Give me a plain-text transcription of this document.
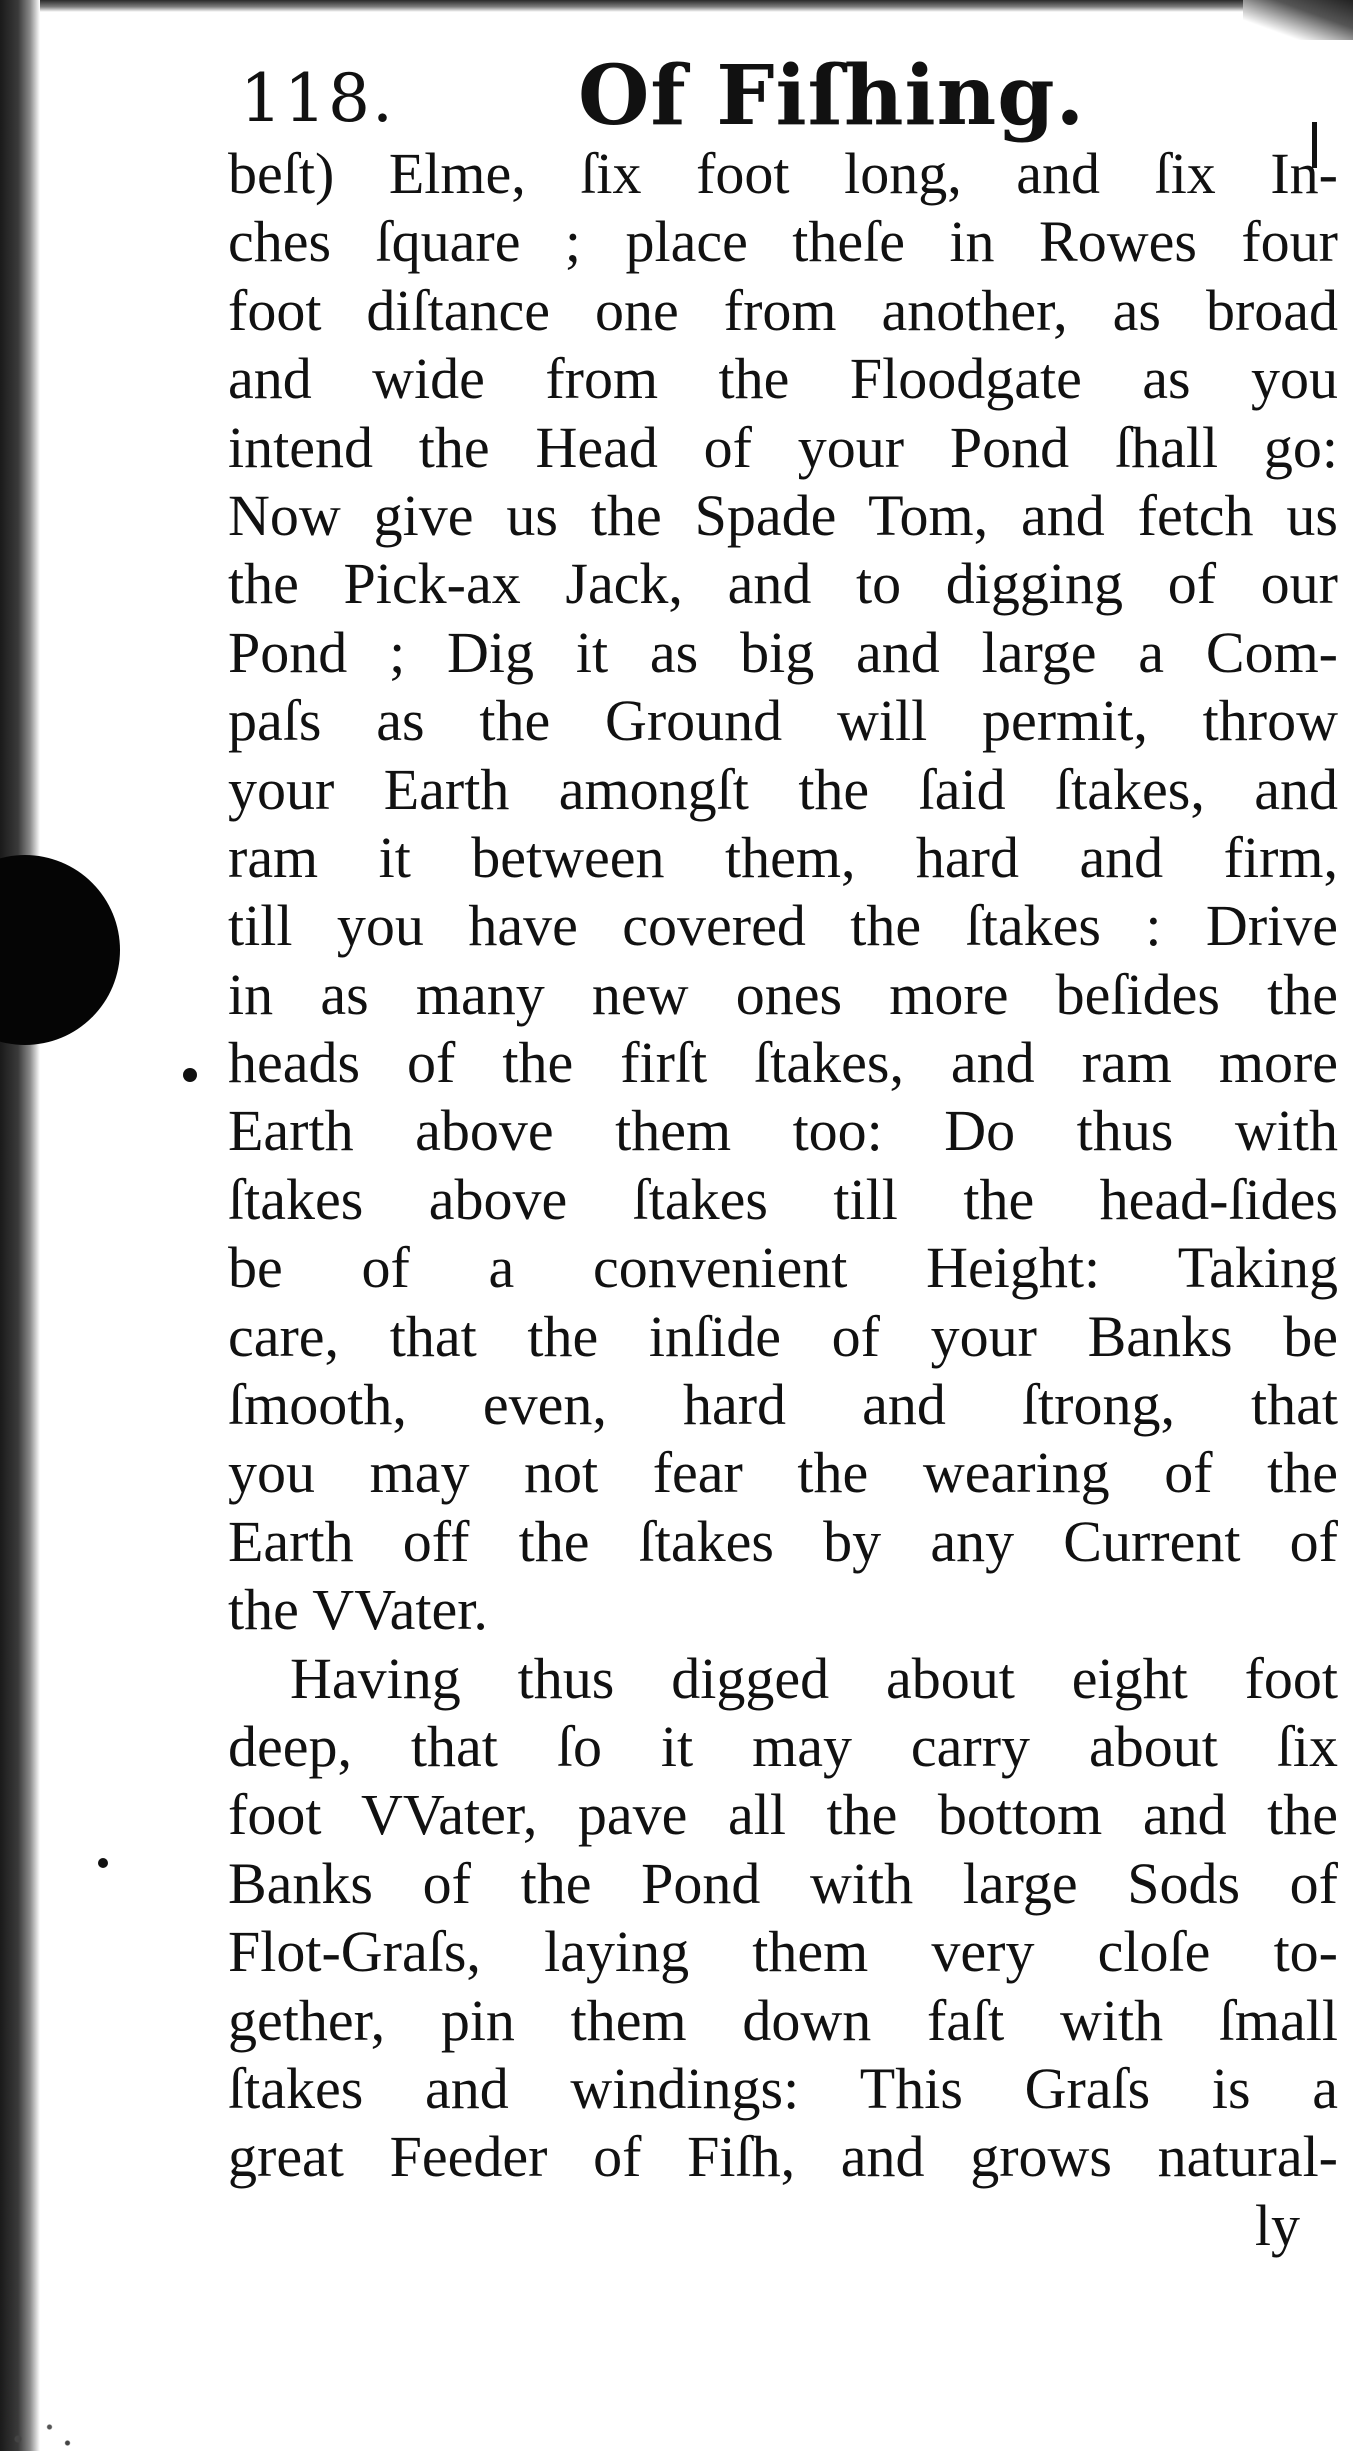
118. Of Fiſhing.
beſt) Elme, ſix foot long, and ſix In-
ches ſquare ; place theſe in Rowes four
foot diſtance one from another, as broad
and wide from the Floodgate as you
intend the Head of your Pond ſhall go:
Now give us the Spade Tom, and fetch us
the Pick-ax Jack, and to digging of our
Pond ; Dig it as big and large a Com-
paſs as the Ground will permit, throw
your Earth amongſt the ſaid ſtakes, and
ram it between them, hard and firm,
till you have covered the ſtakes : Drive
in as many new ones more beſides the
heads of the firſt ſtakes, and ram more
Earth above them too: Do thus with
ſtakes above ſtakes till the head-ſides
be of a convenient Height: Taking
care, that the inſide of your Banks be
ſmooth, even, hard and ſtrong, that
you may not fear the wearing of the
Earth off the ſtakes by any Current of
the VVater.
Having thus digged about eight foot
deep, that ſo it may carry about ſix
foot VVater, pave all the bottom and the
Banks of the Pond with large Sods of
Flot-Graſs, laying them very cloſe to-
gether, pin them down faſt with ſmall
ſtakes and windings: This Graſs is a
great Feeder of Fiſh, and grows natural-
ly
